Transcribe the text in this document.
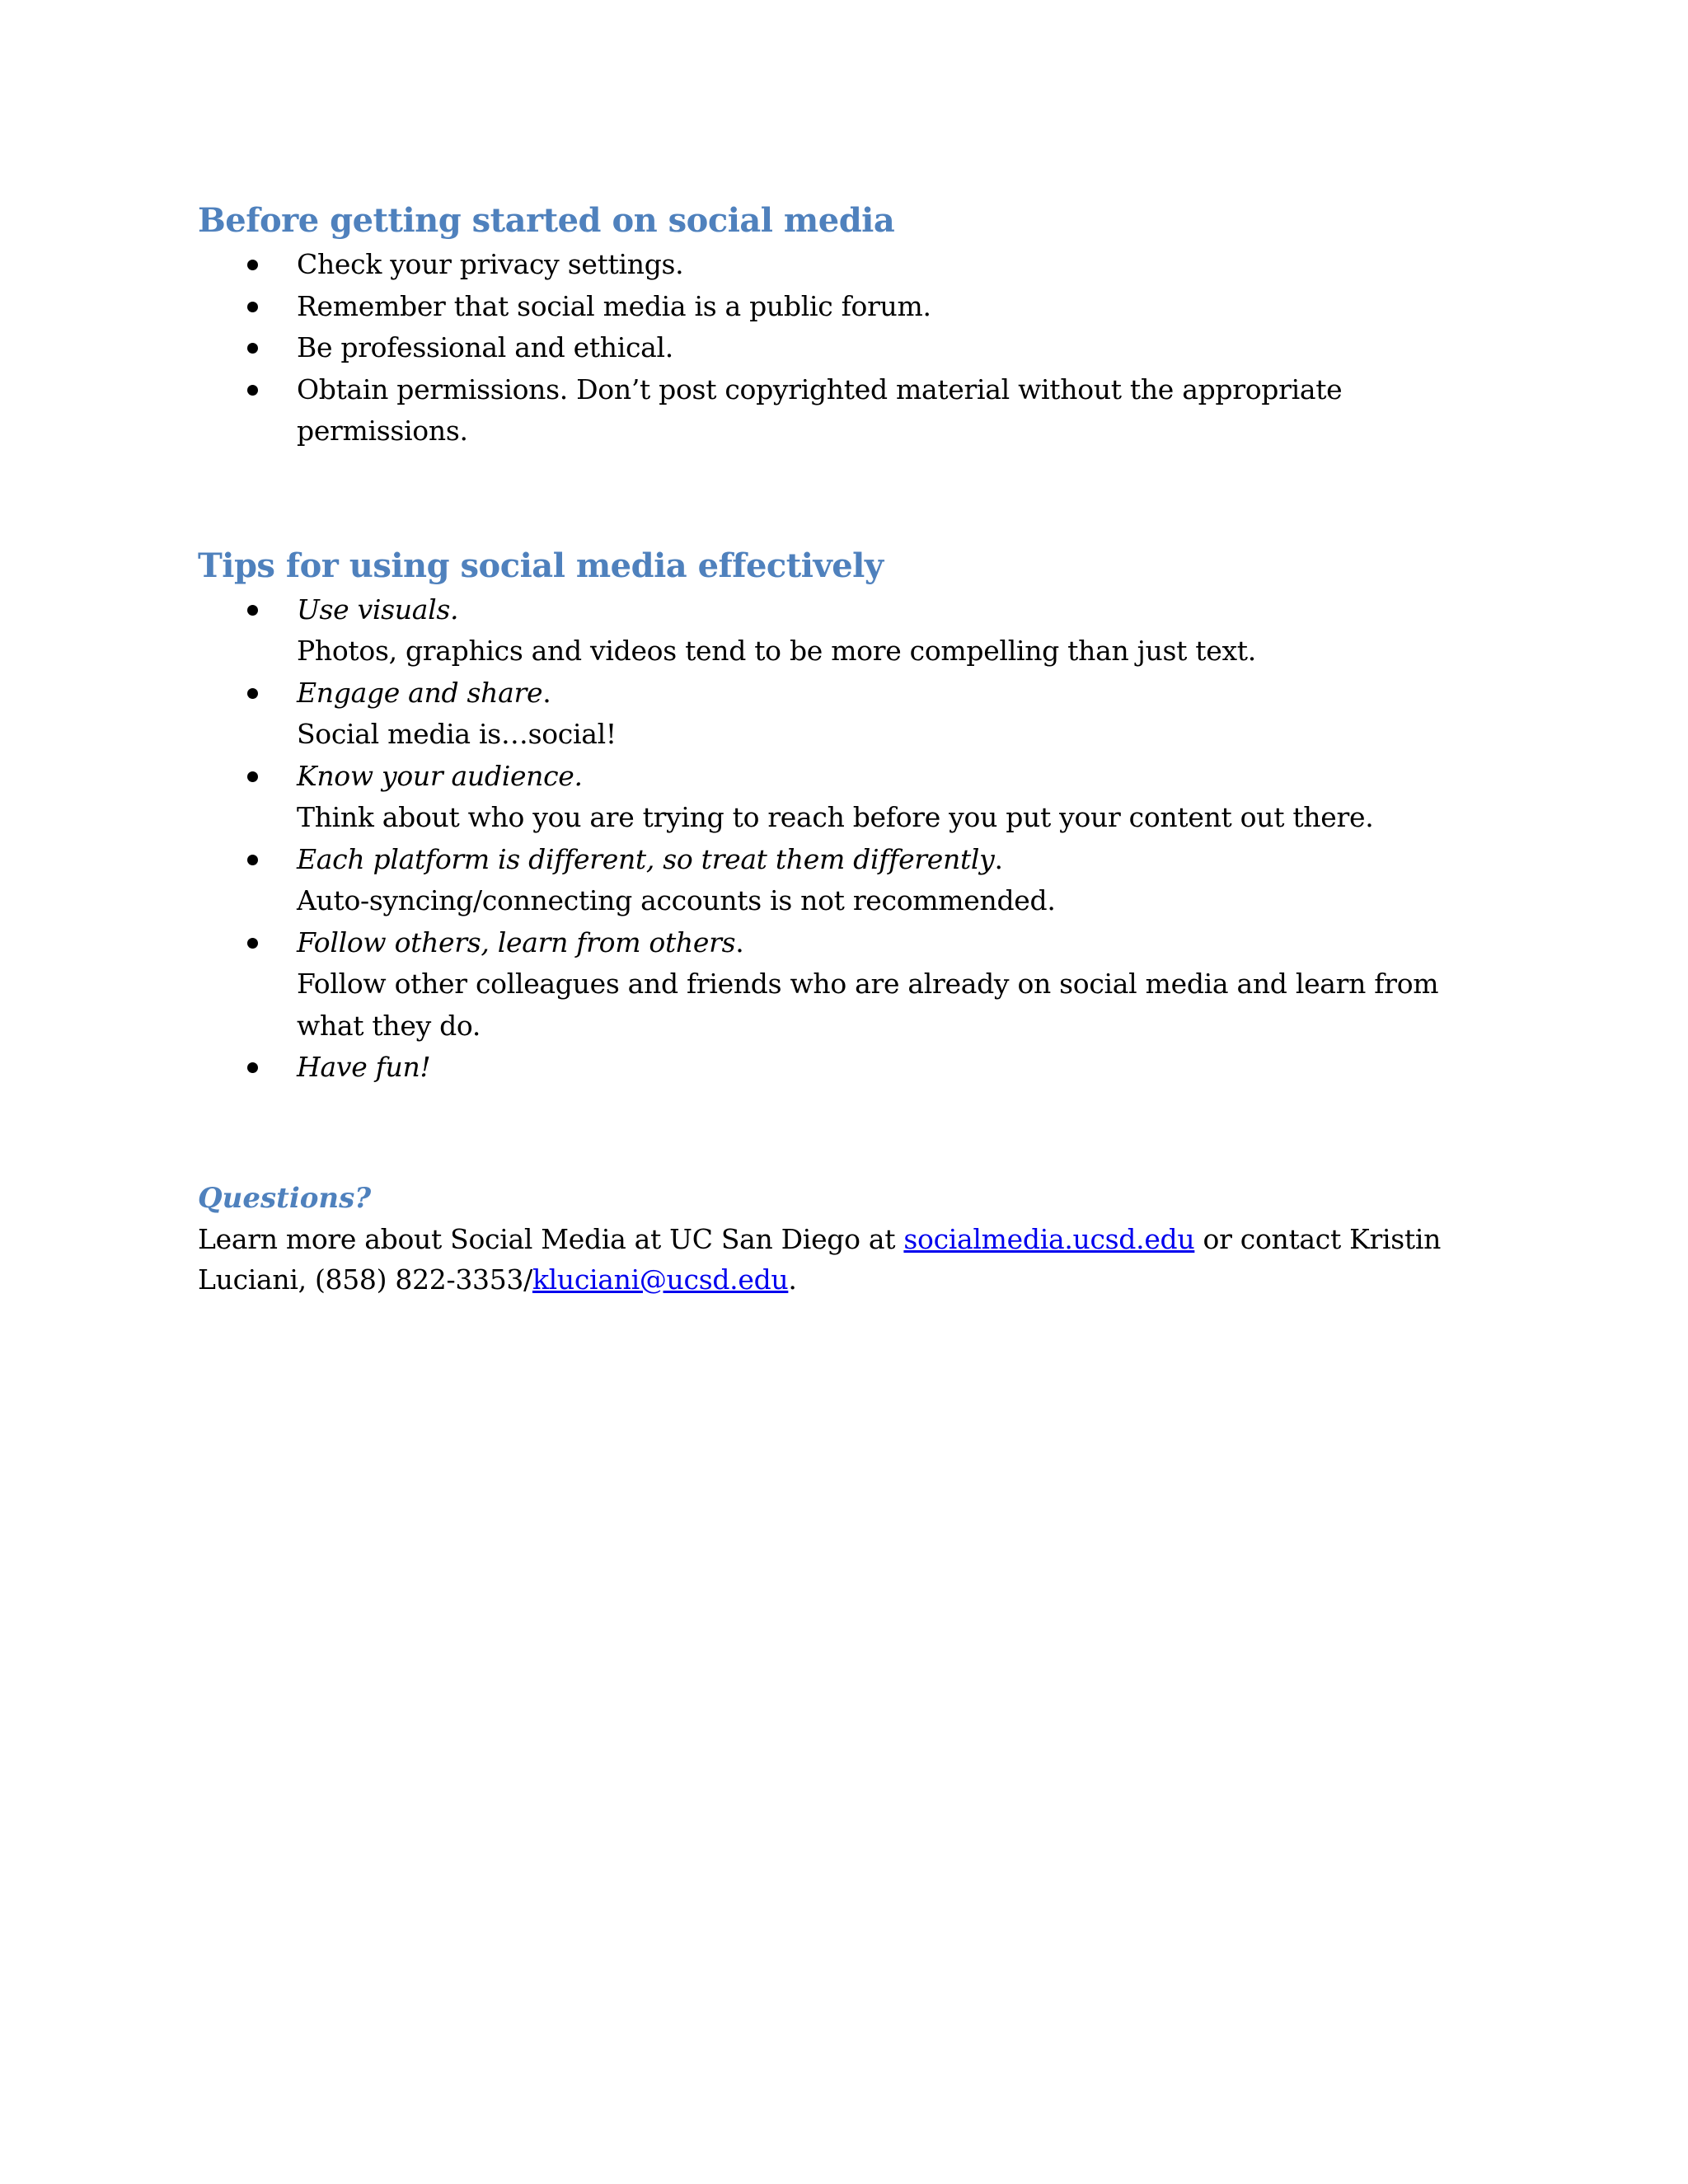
Before getting started on social media
Check your privacy settings.
Remember that social media is a public forum.
Be professional and ethical.
Obtain permissions. Don’t post copyrighted material without the appropriate permissions.
Tips for using social media effectively
Use visuals.
Photos, graphics and videos tend to be more compelling than just text.
Engage and share.
Social media is…social!
Know your audience.
Think about who you are trying to reach before you put your content out there.
Each platform is different, so treat them differently.
Auto-syncing/connecting accounts is not recommended.
Follow others, learn from others.
Follow other colleagues and friends who are already on social media and learn from what they do.
Have fun!
Questions?

Learn more about Social Media at UC San Diego at socialmedia.ucsd.edu or contact Kristin Luciani, (858) 822-3353/kluciani@ucsd.edu.
